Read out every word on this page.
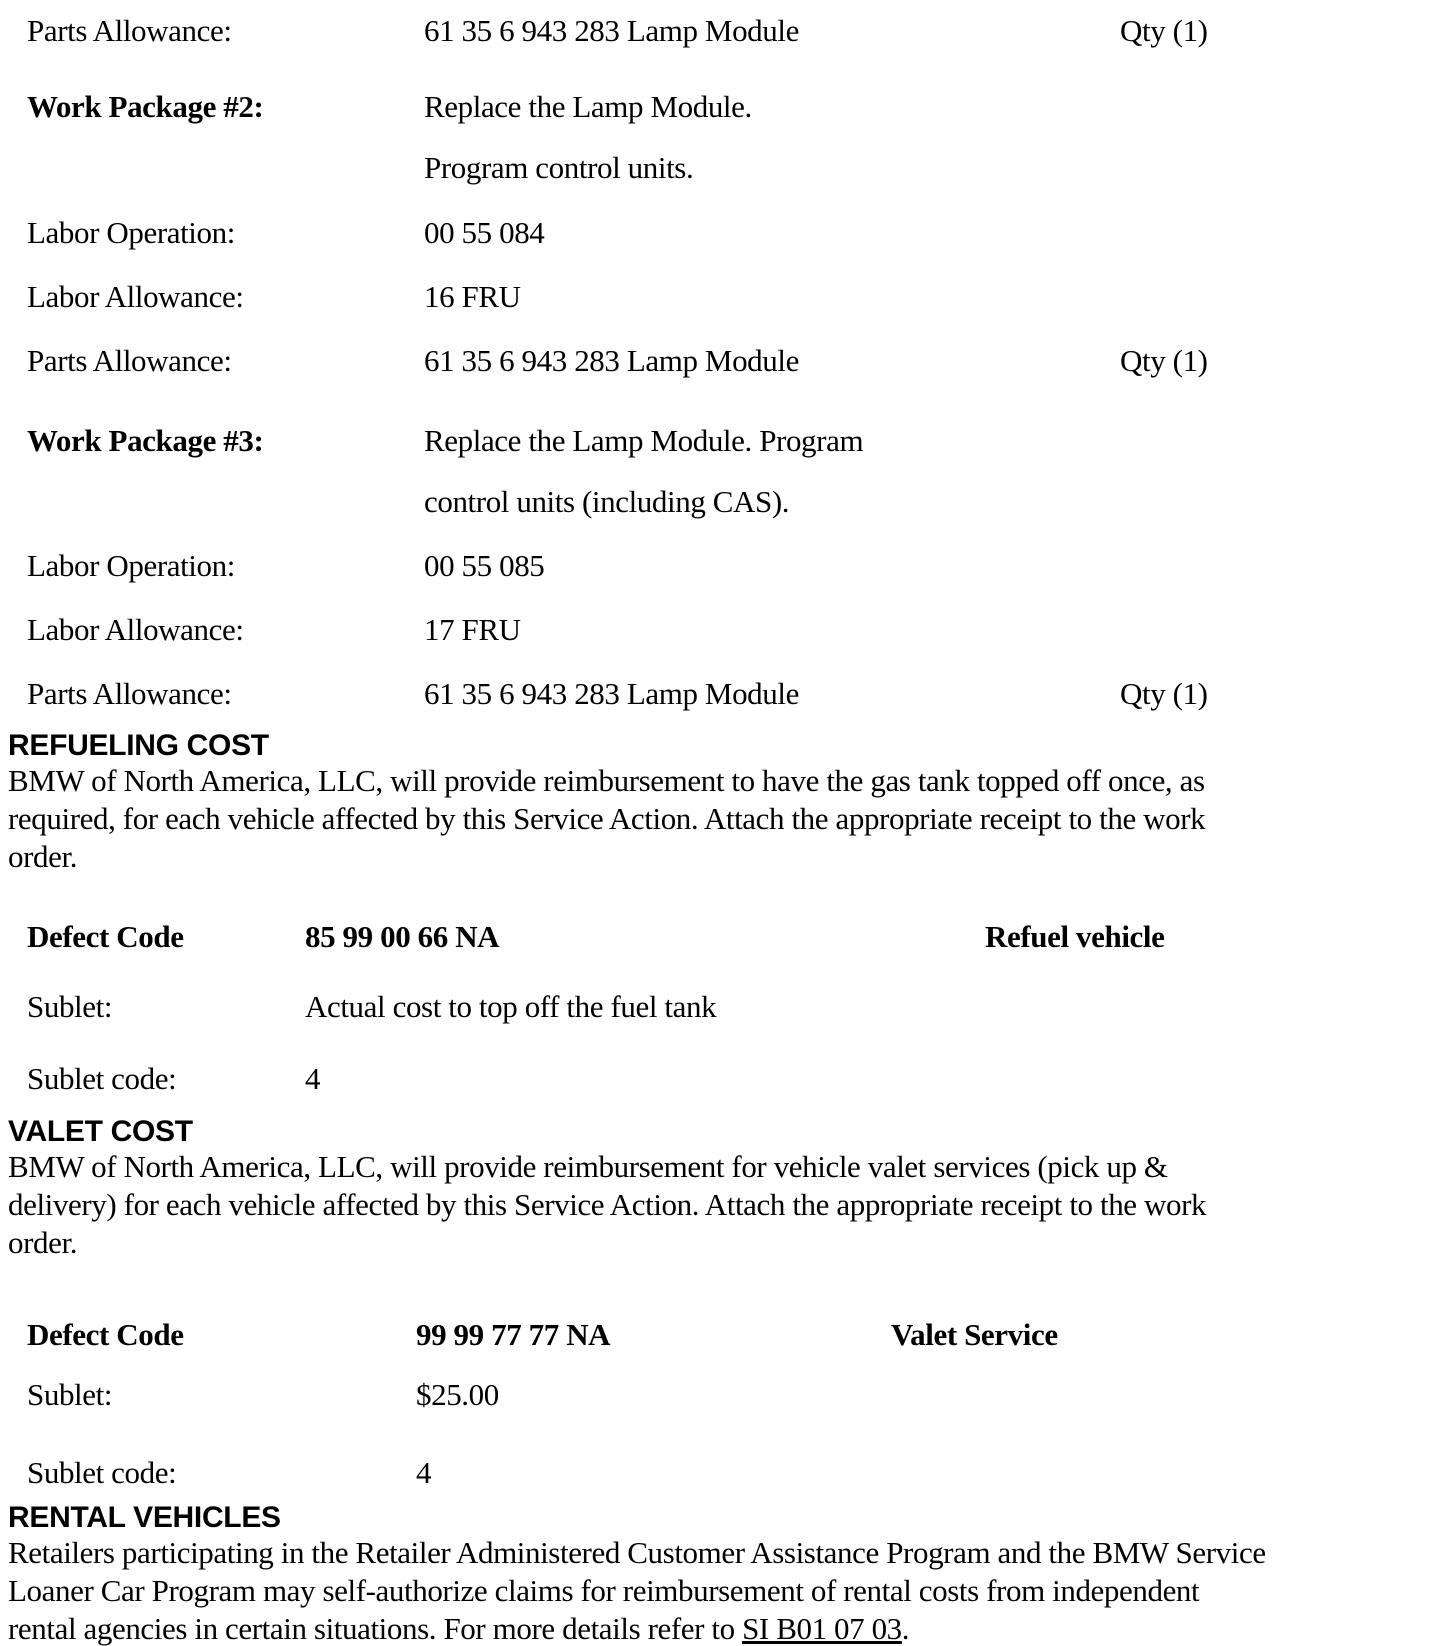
Parts Allowance:	61 35 6 943 283 Lamp Module	Qty (1)
Work Package #2:	Replace the Lamp Module.
Program control units.
Labor Operation:	00 55 084
Labor Allowance:	16 FRU
Parts Allowance:	61 35 6 943 283 Lamp Module	Qty (1)
Work Package #3:	Replace the Lamp Module. Program
control units (including CAS).
Labor Operation:	00 55 085
Labor Allowance:	17 FRU
Parts Allowance:	61 35 6 943 283 Lamp Module	Qty (1)
REFUELING COST
BMW of North America, LLC, will provide reimbursement to have the gas tank topped off once, as
required, for each vehicle affected by this Service Action. Attach the appropriate receipt to the work
order.
Defect Code	85 99 00 66 NA	Refuel vehicle
Sublet:	Actual cost to top off the fuel tank
Sublet code:	4
VALET COST
BMW of North America, LLC, will provide reimbursement for vehicle valet services (pick up &
delivery) for each vehicle affected by this Service Action. Attach the appropriate receipt to the work
order.
Defect Code	99 99 77 77 NA	Valet Service
Sublet:	$25.00
Sublet code:	4
RENTAL VEHICLES
Retailers participating in the Retailer Administered Customer Assistance Program and the BMW Service
Loaner Car Program may self-authorize claims for reimbursement of rental costs from independent
rental agencies in certain situations. For more details refer to SI B01 07 03.
